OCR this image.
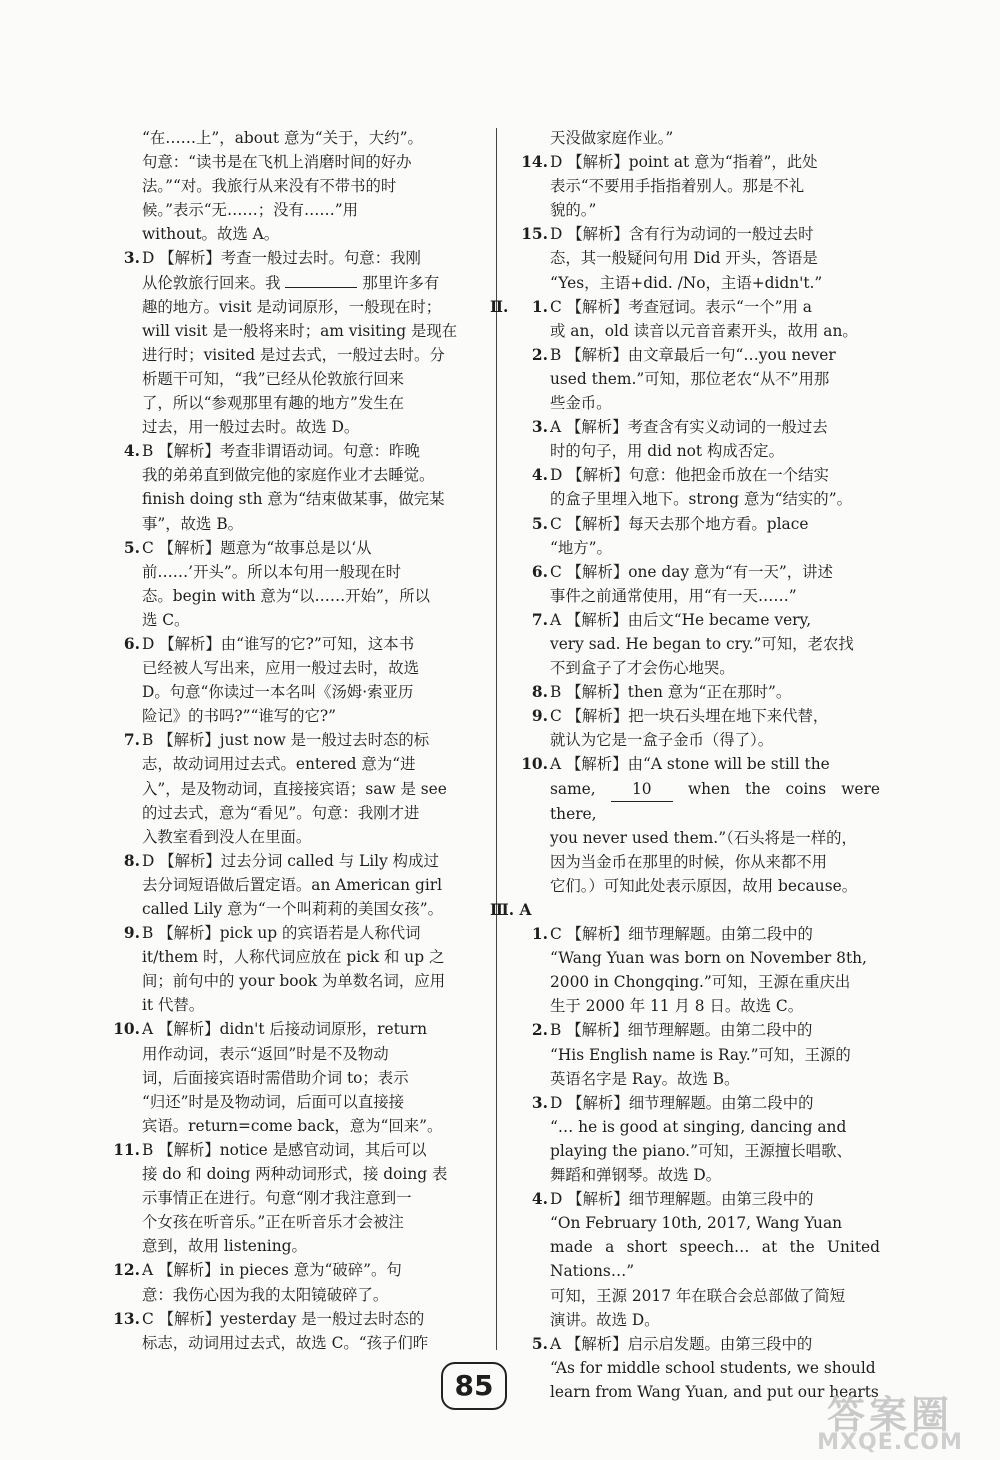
“在……上”，about 意为“关于，大约”。
句意：“读书是在飞机上消磨时间的好办
法。”“对。我旅行从来没有不带书的时
候。”表示“无……；没有……”用
without。故选 A。
3. D 【解析】考查一般过去时。句意：我刚
从伦敦旅行回来。我	那里许多有
趣的地方。visit 是动词原形，一般现在时；
will visit 是一般将来时；am visiting 是现在
进行时；visited 是过去式，一般过去时。分
析题干可知，“我”已经从伦敦旅行回来
了，所以“参观那里有趣的地方”发生在
过去，用一般过去时。故选 D。
4. B 【解析】考查非谓语动词。句意：昨晚
我的弟弟直到做完他的家庭作业才去睡觉。
finish doing sth 意为“结束做某事，做完某
事”，故选 B。
5. C 【解析】题意为“故事总是以‘从
前……’开头”。所以本句用一般现在时
态。begin with 意为“以……开始”，所以
选 C。
6. D 【解析】由“谁写的它?”可知，这本书
已经被人写出来，应用一般过去时，故选
D。句意“你读过一本名叫《汤姆·索亚历
险记》的书吗?”“谁写的它?”
7. B 【解析】just now 是一般过去时态的标
志，故动词用过去式。entered 意为“进
入”，是及物动词，直接接宾语；saw 是 see
的过去式，意为“看见”。句意：我刚才进
入教室看到没人在里面。
8. D 【解析】过去分词 called 与 Lily 构成过
去分词短语做后置定语。an American girl
called Lily 意为“一个叫莉莉的美国女孩”。
9. B 【解析】pick up 的宾语若是人称代词
it/them 时，人称代词应放在 pick 和 up 之
间；前句中的 your book 为单数名词，应用
it 代替。
10. A 【解析】didn't 后接动词原形，return
用作动词，表示“返回”时是不及物动
词，后面接宾语时需借助介词 to；表示
“归还”时是及物动词，后面可以直接接
宾语。return=come back，意为“回来”。
11. B 【解析】notice 是感官动词，其后可以
接 do 和 doing 两种动词形式，接 doing 表
示事情正在进行。句意“刚才我注意到一
个女孩在听音乐。”正在听音乐才会被注
意到，故用 listening。
12. A 【解析】in pieces 意为“破碎”。句
意：我伤心因为我的太阳镜破碎了。
13. C 【解析】yesterday 是一般过去时态的
标志，动词用过去式，故选 C。“孩子们昨
天没做家庭作业。”
14. D 【解析】point at 意为“指着”，此处
表示“不要用手指指着别人。那是不礼
貌的。”
15. D 【解析】含有行为动词的一般过去时
态，其一般疑问句用 Did 开头，答语是
“Yes，主语+did. /No，主语+didn't.”
Ⅱ.	1. C 【解析】考查冠词。表示“一个”用 a
或 an，old 读音以元音音素开头，故用 an。
2. B 【解析】由文章最后一句“…you never
used them.”可知，那位老农“从不”用那
些金币。
3. A 【解析】考查含有实义动词的一般过去
时的句子，用 did not 构成否定。
4. D 【解析】句意：他把金币放在一个结实
的盒子里埋入地下。strong 意为“结实的”。
5. C 【解析】每天去那个地方看。place
“地方”。
6. C 【解析】one day 意为“有一天”，讲述
事件之前通常使用，用“有一天……”
7. A 【解析】由后文“He became very,
very sad. He began to cry.”可知，老农找
不到盒子了才会伤心地哭。
8. B 【解析】then 意为“正在那时”。
9. C 【解析】把一块石头埋在地下来代替，
就认为它是一盒子金币（得了）。
10. A 【解析】由“A stone will be still the
same, 10 when the coins were there,
you never used them.”（石头将是一样的，
因为当金币在那里的时候，你从来都不用
它们。）可知此处表示原因，故用 because。
Ⅲ. A
1. C 【解析】细节理解题。由第二段中的
“Wang Yuan was born on November 8th,
2000 in Chongqing.”可知，王源在重庆出
生于 2000 年 11 月 8 日。故选 C。
2. B 【解析】细节理解题。由第二段中的
“His English name is Ray.”可知，王源的
英语名字是 Ray。故选 B。
3. D 【解析】细节理解题。由第二段中的
“… he is good at singing, dancing and
playing the piano.”可知，王源擅长唱歌、
舞蹈和弹钢琴。故选 D。
4. D 【解析】细节理解题。由第三段中的
“On February 10th, 2017, Wang Yuan
made a short speech… at the United Nations…”
可知，王源 2017 年在联合会总部做了简短
演讲。故选 D。
5. A 【解析】启示启发题。由第三段中的
“As for middle school students, we should
learn from Wang Yuan, and put our hearts
85
答案圈
MXQE.COM
